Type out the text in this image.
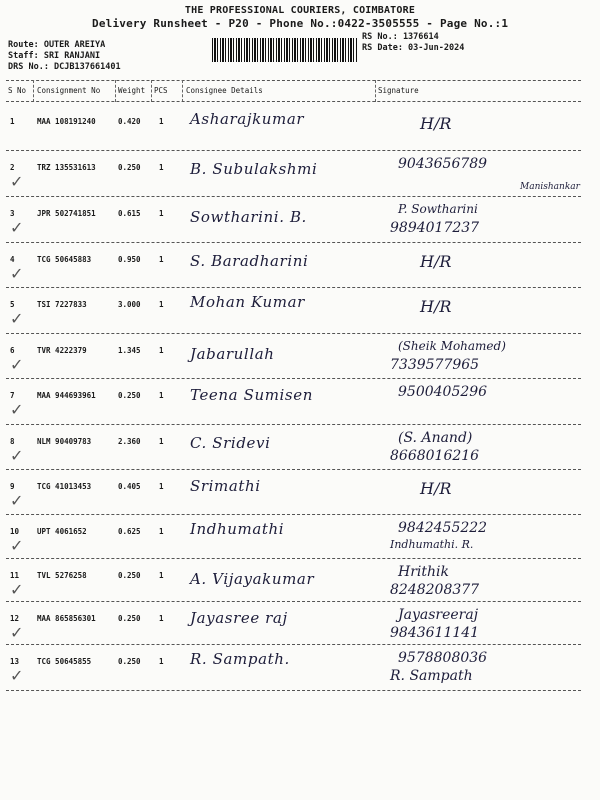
THE PROFESSIONAL COURIERS, COIMBATORE
Delivery Runsheet - P20 - Phone No.:0422-3505555 - Page No.:1
Route: OUTER AREIYA
Staff: SRI RANJANI
DRS No.: DCJB137661401
RS No.: 1376614
RS Date: 03-Jun-2024
S No Consignment No Weight PCS Consignee Details	Signature
1	MAA 108191240	0.420 1 Asharajkumar	H/R
2	TRZ 135531613	0.250 1 B. Subulakshmi	9043656789
Manishankar
✓
3	JPR 502741851	0.615 1 Sowtharini. B.	P. Sowtharini
9894017237
✓
4	TCG 50645883	0.950 1 S. Baradharini	H/R
✓
5	TSI 7227833	3.000 1 Mohan Kumar	H/R
✓
6	TVR 4222379	1.345 1 Jabarullah	(Sheik Mohamed)
7339577965
✓
7	MAA 944693961	0.250 1 Teena Sumisen	9500405296
✓
8	NLM 90409783	2.360 1 C. Sridevi	(S. Anand)
8668016216
✓
9	TCG 41013453	0.405 1 Srimathi	H/R
✓
10 UPT 4061652	0.625 1 Indhumathi	9842455222
Indhumathi. R.
✓
11 TVL 5276258	0.250 1 A. Vijayakumar	Hrithik
8248208377
✓
12 MAA 865856301	0.250 1 Jayasree raj	Jayasreeraj
9843611141
✓
13 TCG 50645855	0.250 1 R. Sampath.	9578808036
R. Sampath
✓
